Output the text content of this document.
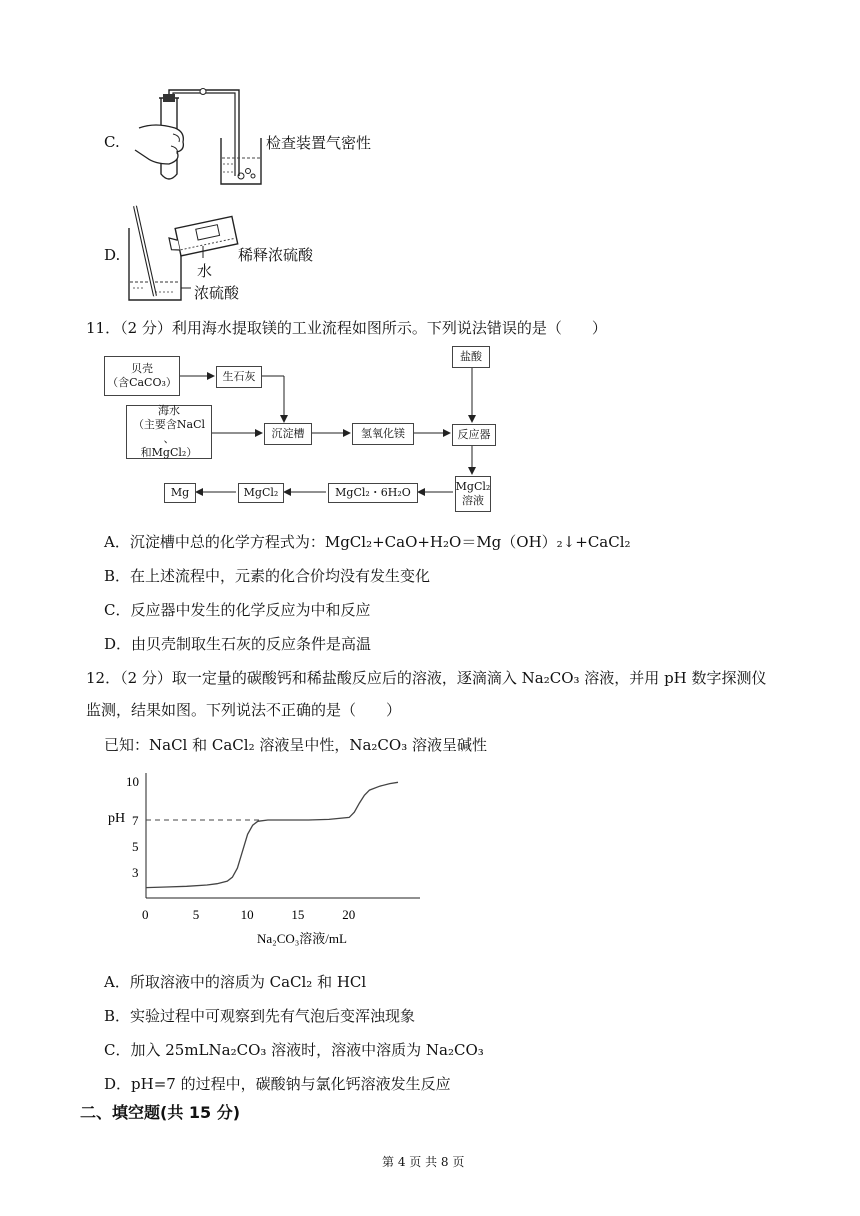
C.	检查装置气密性
D.	稀释浓硫酸
水
浓硫酸
11．（2 分）利用海水提取镁的工业流程如图所示。下列说法错误的是（　　）
贝壳
（含CaCO₃）	生石灰
海水
（主要含NaCl 、
和MgCl₂）
沉淀槽	氢氧化镁
盐酸
反应器
MgCl₂
溶液
MgCl₂・6H₂O
MgCl₂
Mg
A．沉淀槽中总的化学方程式为：MgCl₂+CaO+H₂O＝Mg（OH）₂↓+CaCl₂
B．在上述流程中，元素的化合价均没有发生变化
C．反应器中发生的化学反应为中和反应
D．由贝壳制取生石灰的反应条件是高温
12．（2 分）取一定量的碳酸钙和稀盐酸反应后的溶液，逐滴滴入 Na₂CO₃ 溶液，并用 pH 数字探测仪
监测，结果如图。下列说法不正确的是（　　）
已知：NaCl 和 CaCl₂ 溶液呈中性，Na₂CO₃ 溶液呈碱性
0	5	10	15	20
3
5
7
10
pH
Na₂CO₃溶液/mL
A．所取溶液中的溶质为 CaCl₂ 和 HCl
B．实验过程中可观察到先有气泡后变浑浊现象
C．加入 25mLNa₂CO₃ 溶液时，溶液中溶质为 Na₂CO₃
D．pH=7 的过程中，碳酸钠与氯化钙溶液发生反应
二、填空题(共 15 分)
第 4 页 共 8 页
